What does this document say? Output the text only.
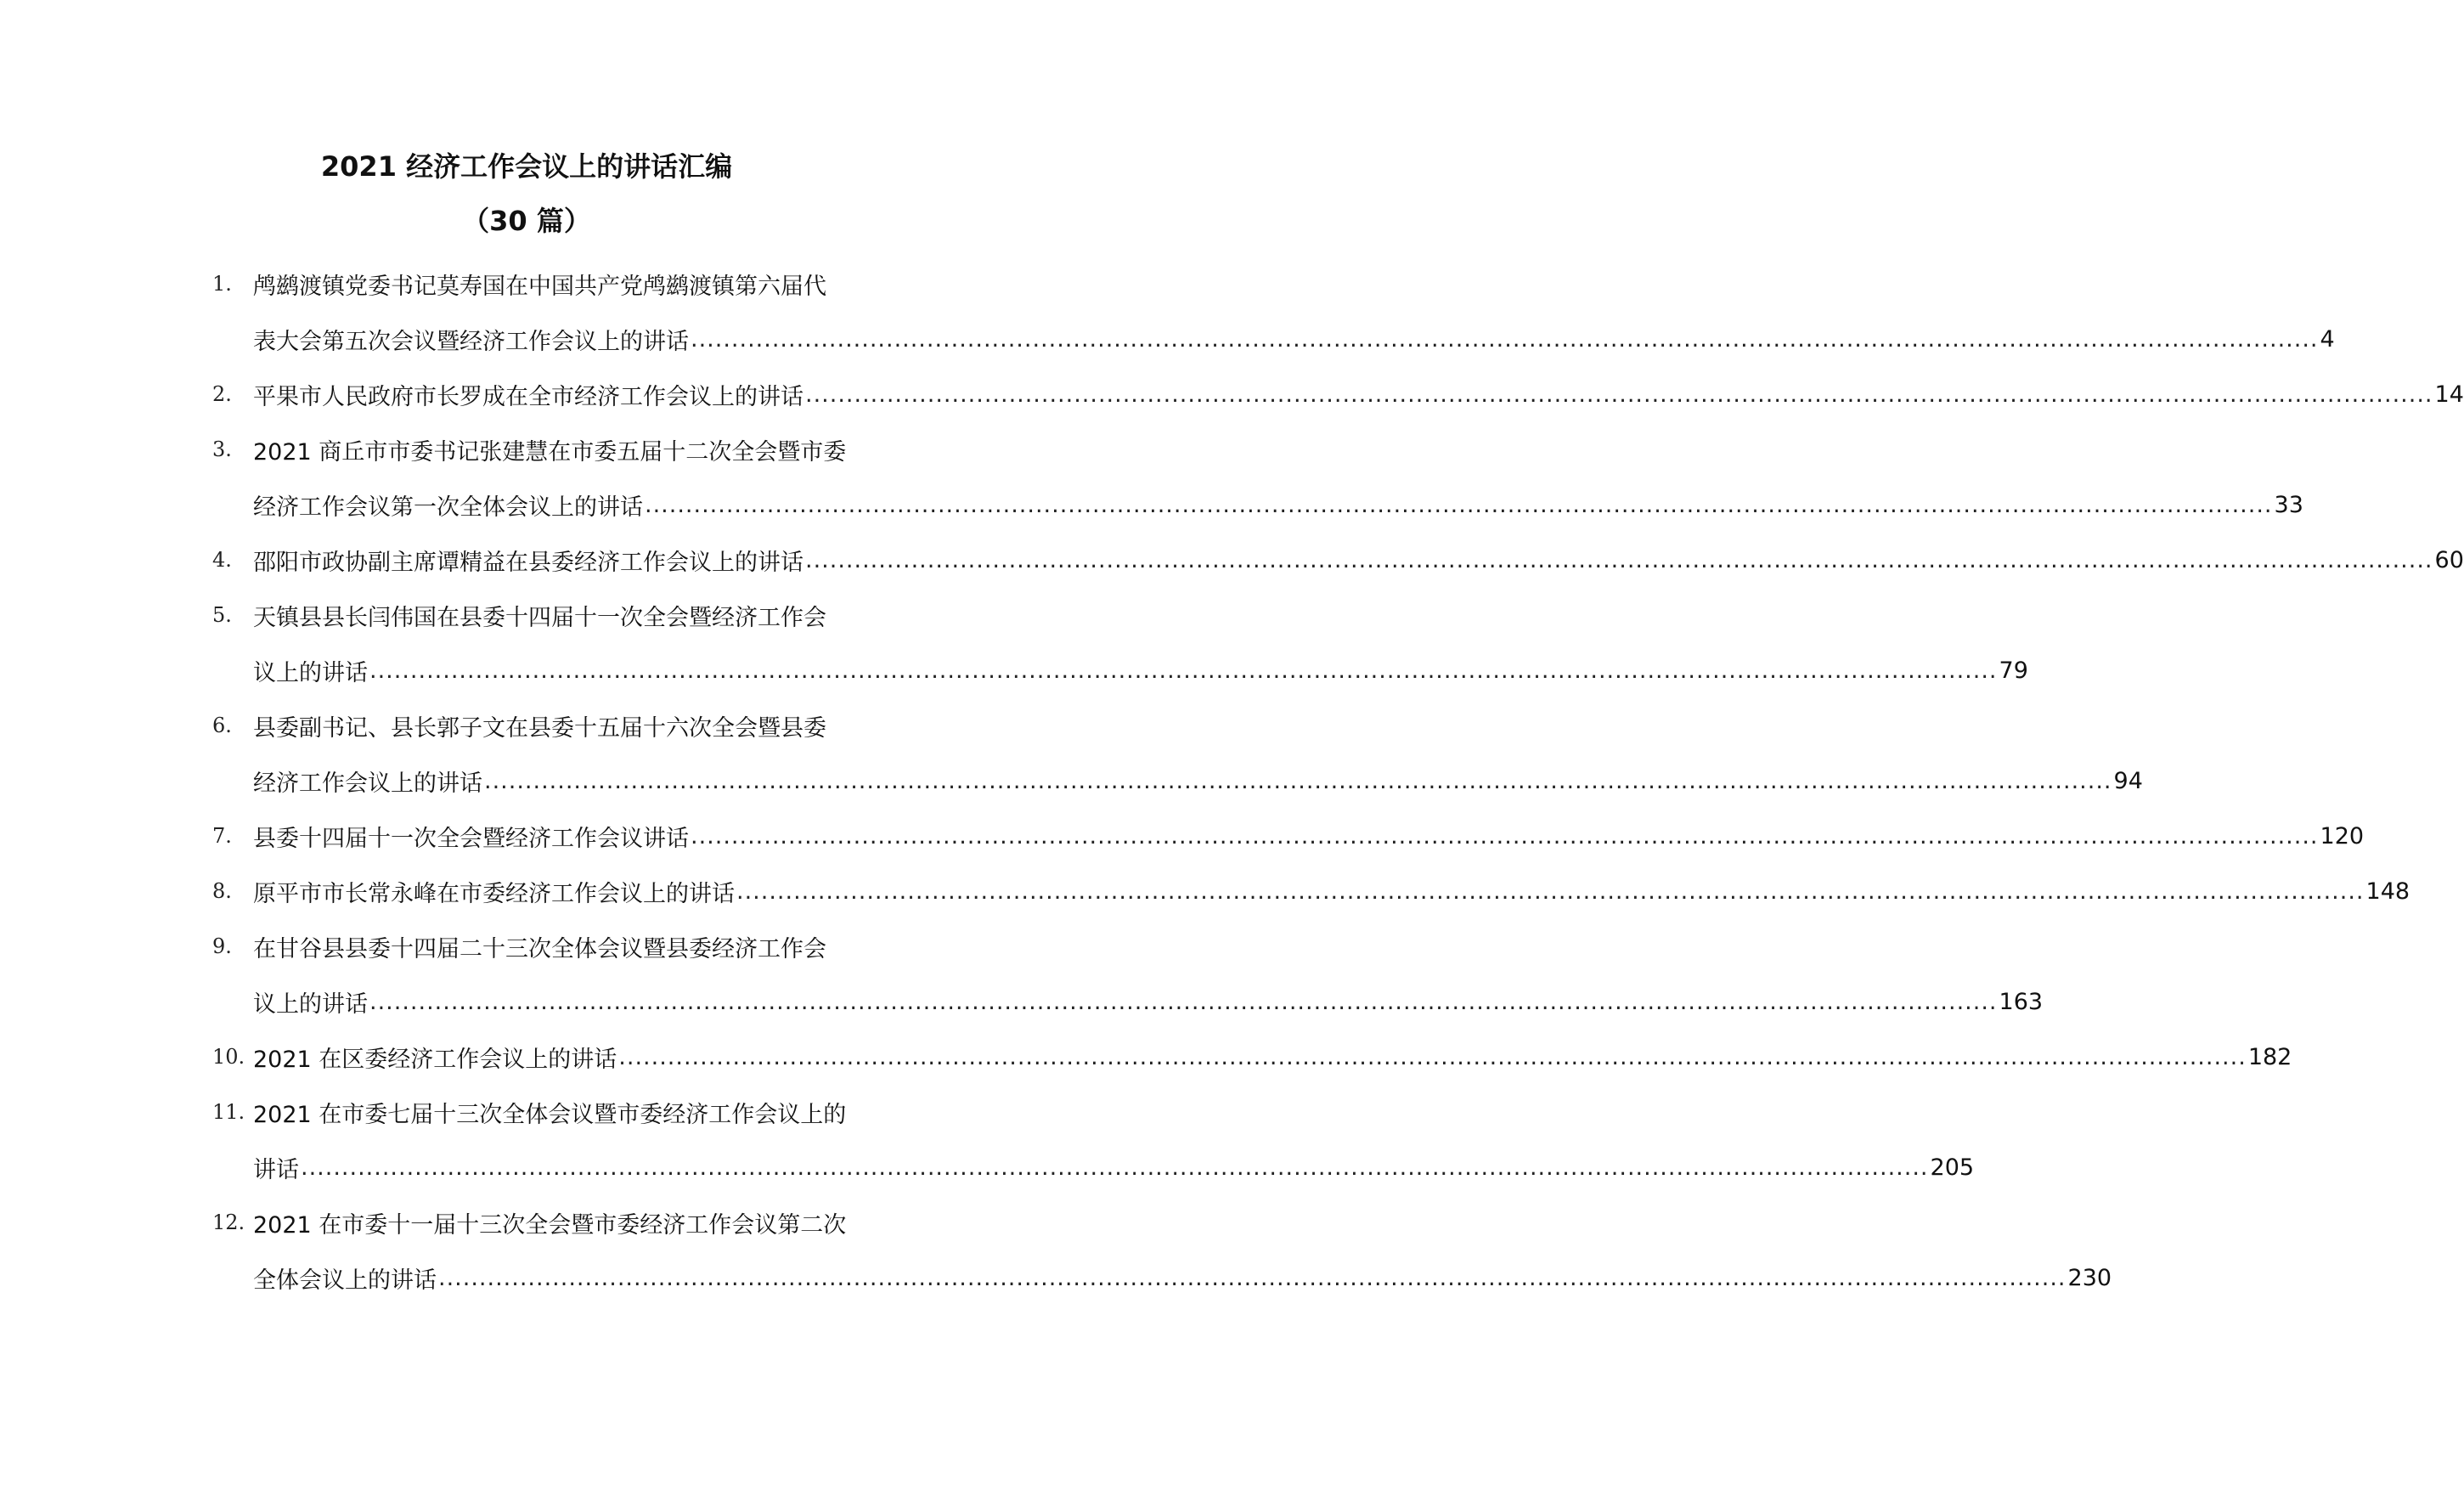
2021 经济工作会议上的讲话汇编
（30 篇）
1. 鸬鹚渡镇党委书记莫寿国在中国共产党鸬鹚渡镇第六届代
表大会第五次会议暨经济工作会议上的讲话 ........................................................................................................................................................................................................ 4
2. 平果市人民政府市长罗成在全市经济工作会议上的讲话 ........................................................................................................................................................................................................ 14
3. 2021 商丘市市委书记张建慧在市委五届十二次全会暨市委
经济工作会议第一次全体会议上的讲话 ........................................................................................................................................................................................................ 33
4. 邵阳市政协副主席谭精益在县委经济工作会议上的讲话 ........................................................................................................................................................................................................ 60
5. 天镇县县长闫伟国在县委十四届十一次全会暨经济工作会
议上的讲话 ........................................................................................................................................................................................................ 79
6. 县委副书记、县长郭子文在县委十五届十六次全会暨县委
经济工作会议上的讲话 ........................................................................................................................................................................................................ 94
7. 县委十四届十一次全会暨经济工作会议讲话 ........................................................................................................................................................................................................ 120
8. 原平市市长常永峰在市委经济工作会议上的讲话 ........................................................................................................................................................................................................ 148
9. 在甘谷县县委十四届二十三次全体会议暨县委经济工作会
议上的讲话 ........................................................................................................................................................................................................ 163
10. 2021 在区委经济工作会议上的讲话 ........................................................................................................................................................................................................ 182
11. 2021 在市委七届十三次全体会议暨市委经济工作会议上的
讲话 ........................................................................................................................................................................................................ 205
12. 2021 在市委十一届十三次全会暨市委经济工作会议第二次
全体会议上的讲话 ........................................................................................................................................................................................................ 230
